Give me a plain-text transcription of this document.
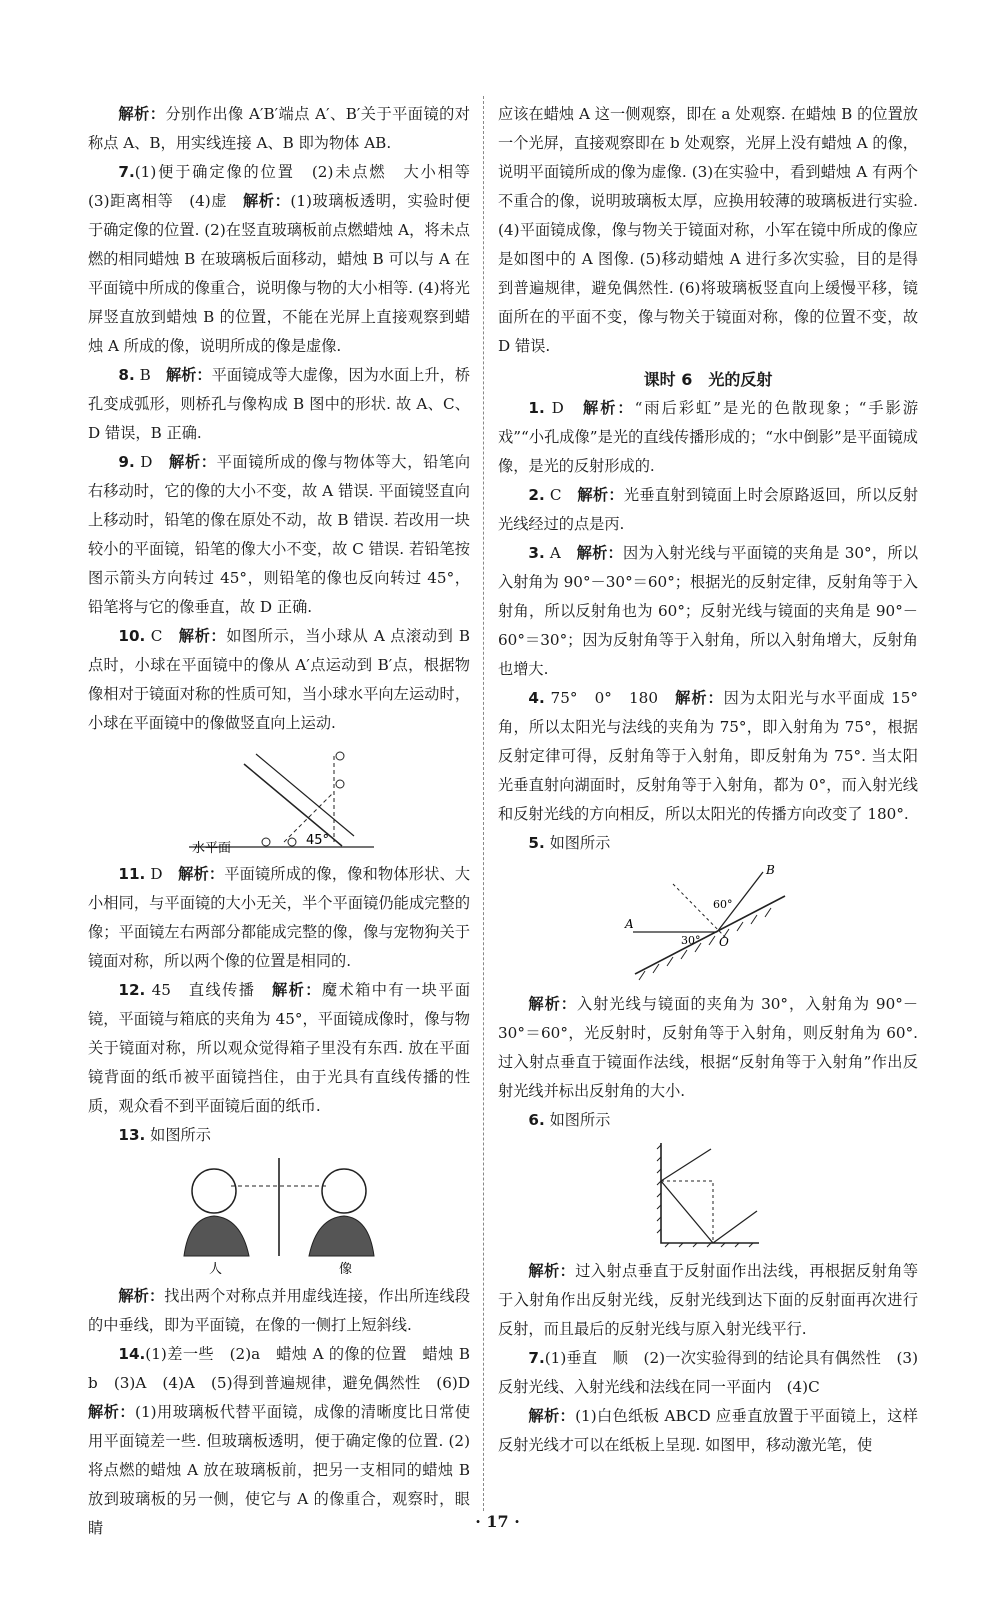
解析：分别作出像 A′B′端点 A′、B′关于平面镜的对称点 A、B，用实线连接 A、B 即为物体 AB.

7.(1)便于确定像的位置　(2)未点燃　大小相等　(3)距离相等　(4)虚　 解析：(1)玻璃板透明，实验时便于确定像的位置. (2)在竖直玻璃板前点燃蜡烛 A，将未点燃的相同蜡烛 B 在玻璃板后面移动，蜡烛 B 可以与 A 在平面镜中所成的像重合，说明像与物的大小相等. (4)将光屏竖直放到蜡烛 B 的位置，不能在光屏上直接观察到蜡烛 A 所成的像，说明所成的像是虚像.

8. B　 解析：平面镜成等大虚像，因为水面上升，桥孔变成弧形，则桥孔与像构成 B 图中的形状. 故 A、C、D 错误，B 正确.

9. D　 解析：平面镜所成的像与物体等大，铅笔向右移动时，它的像的大小不变，故 A 错误. 平面镜竖直向上移动时，铅笔的像在原处不动，故 B 错误. 若改用一块较小的平面镜，铅笔的像大小不变，故 C 错误. 若铅笔按图示箭头方向转过 45°，则铅笔的像也反向转过 45°，铅笔将与它的像垂直，故 D 正确.

10. C　 解析：如图所示，当小球从 A 点滚动到 B 点时，小球在平面镜中的像从 A′点运动到 B′点，根据物像相对于镜面对称的性质可知，当小球水平向左运动时，小球在平面镜中的像做竖直向上运动.

水平面
45°

11. D　 解析：平面镜所成的像，像和物体形状、大小相同，与平面镜的大小无关，半个平面镜仍能成完整的像；平面镜左右两部分都能成完整的像，像与宠物狗关于镜面对称，所以两个像的位置是相同的.

12. 45　直线传播　 解析：魔术箱中有一块平面镜，平面镜与箱底的夹角为 45°，平面镜成像时，像与物关于镜面对称，所以观众觉得箱子里没有东西. 放在平面镜背面的纸币被平面镜挡住，由于光具有直线传播的性质，观众看不到平面镜后面的纸币.

13. 如图所示

人	像

解析：找出两个对称点并用虚线连接，作出所连线段的中垂线，即为平面镜，在像的一侧打上短斜线.

14.(1)差一些　(2)a　蜡烛 A 的像的位置　蜡烛 B　b　(3)A　(4)A　(5)得到普遍规律，避免偶然性　(6)D　解析：(1)用玻璃板代替平面镜，成像的清晰度比日常使用平面镜差一些. 但玻璃板透明，便于确定像的位置. (2)将点燃的蜡烛 A 放在玻璃板前，把另一支相同的蜡烛 B 放到玻璃板的另一侧，使它与 A 的像重合，观察时，眼睛

应该在蜡烛 A 这一侧观察，即在 a 处观察. 在蜡烛 B 的位置放一个光屏，直接观察即在 b 处观察，光屏上没有蜡烛 A 的像，说明平面镜所成的像为虚像. (3)在实验中，看到蜡烛 A 有两个不重合的像，说明玻璃板太厚，应换用较薄的玻璃板进行实验. (4)平面镜成像，像与物关于镜面对称，小军在镜中所成的像应是如图中的 A 图像. (5)移动蜡烛 A 进行多次实验，目的是得到普遍规律，避免偶然性. (6)将玻璃板竖直向上缓慢平移，镜面所在的平面不变，像与物关于镜面对称，像的位置不变，故 D 错误.

课时 6　光的反射

1. D　 解析：“雨后彩虹”是光的色散现象；“手影游戏”“小孔成像”是光的直线传播形成的；“水中倒影”是平面镜成像，是光的反射形成的.

2. C　 解析：光垂直射到镜面上时会原路返回，所以反射光线经过的点是丙.

3. A　 解析：因为入射光线与平面镜的夹角是 30°，所以入射角为 90°－30°＝60°；根据光的反射定律，反射角等于入射角，所以反射角也为 60°；反射光线与镜面的夹角是 90°－60°＝30°；因为反射角等于入射角，所以入射角增大，反射角也增大.

4. 75°　0°　180　 解析：因为太阳光与水平面成 15° 角，所以太阳光与法线的夹角为 75°，即入射角为 75°，根据反射定律可得，反射角等于入射角，即反射角为 75°. 当太阳光垂直射向湖面时，反射角等于入射角，都为 0°，而入射光线和反射光线的方向相反，所以太阳光的传播方向改变了 180°.

5. 如图所示

A
B
O
60°
30°

解析：入射光线与镜面的夹角为 30°，入射角为 90°－30°＝60°，光反射时，反射角等于入射角，则反射角为 60°. 过入射点垂直于镜面作法线，根据“反射角等于入射角”作出反射光线并标出反射角的大小.

6. 如图所示

解析：过入射点垂直于反射面作出法线，再根据反射角等于入射角作出反射光线，反射光线到达下面的反射面再次进行反射，而且最后的反射光线与原入射光线平行.

7.(1)垂直　顺　(2)一次实验得到的结论具有偶然性　(3)反射光线、入射光线和法线在同一平面内　(4)C

解析：(1)白色纸板 ABCD 应垂直放置于平面镜上，这样反射光线才可以在纸板上呈现. 如图甲，移动激光笔，使

· 17 ·
